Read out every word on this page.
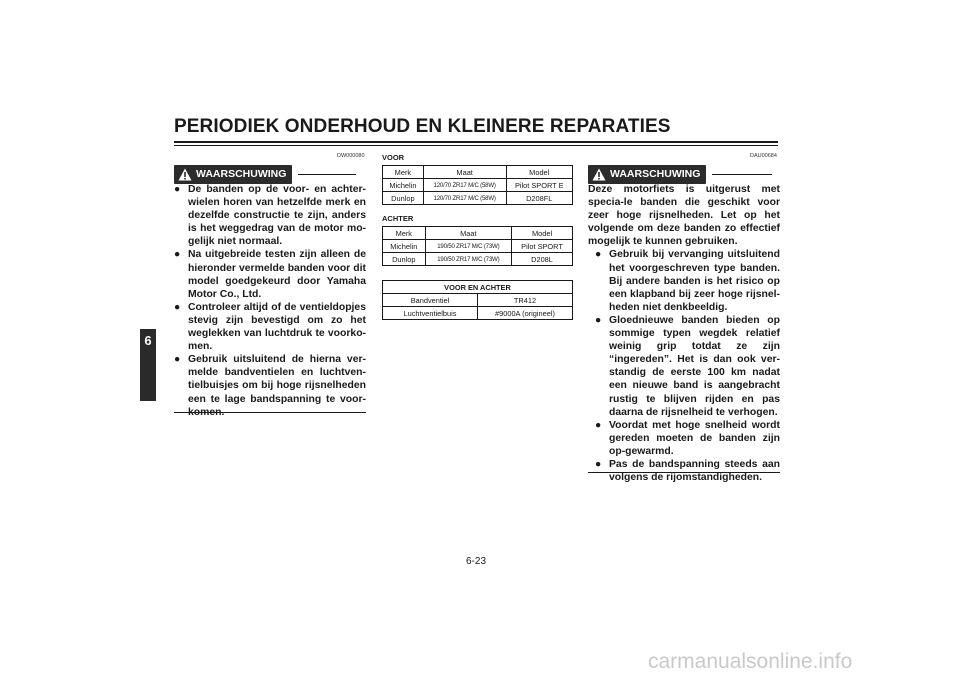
PERIODIEK ONDERHOUD EN KLEINERE REPARATIES
6
DW000080
WAARSCHUWING

● De banden op de voor- en achter-wielen horen van hetzelfde merk en dezelfde constructie te zijn, anders is het weggedrag van de motor mo-gelijk niet normaal.

● Na uitgebreide testen zijn alleen de hieronder vermelde banden voor dit model goedgekeurd door Yamaha Motor Co., Ltd.

● Controleer altijd of de ventieldopjes stevig zijn bevestigd om zo het weglekken van luchtdruk te voorko-men.

● Gebruik uitsluitend de hierna ver-melde bandventielen en luchtven-tielbuisjes om bij hoge rijsnelheden een te lage bandspanning te voor-komen.

VOOR
Merk	Maat	Model
Michelin	120/70 ZR17 M/C (58W)	Pilot SPORT E
Dunlop	120/70 ZR17 M/C (58W)	D208FL
ACHTER
Merk	Maat	Model
Michelin	190/50 ZR17 M/C (73W)	Pilot SPORT
Dunlop	190/50 ZR17 M/C (73W)	D208L
VOOR EN ACHTER	
Bandventiel	TR412
Luchtventielbuis	#9000A (origineel)
DAU00684
WAARSCHUWING

Deze motorfiets is uitgerust met specia-le banden die geschikt voor zeer hoge rijsnelheden. Let op het volgende om deze banden zo effectief mogelijk te kunnen gebruiken.

● Gebruik bij vervanging uitsluitend het voorgeschreven type banden. Bij andere banden is het risico op een klapband bij zeer hoge rijsnel-heden niet denkbeeldig.

● Gloednieuwe banden bieden op sommige typen wegdek relatief weinig grip totdat ze zijn “ingereden”. Het is dan ook ver-standig de eerste 100 km nadat een nieuwe band is aangebracht rustig te blijven rijden en pas daarna de rijsnelheid te verhogen.

● Voordat met hoge snelheid wordt gereden moeten de banden zijn op-gewarmd.

● Pas de bandspanning steeds aan volgens de rijomstandigheden.

6-23
carmanualsonline.info
